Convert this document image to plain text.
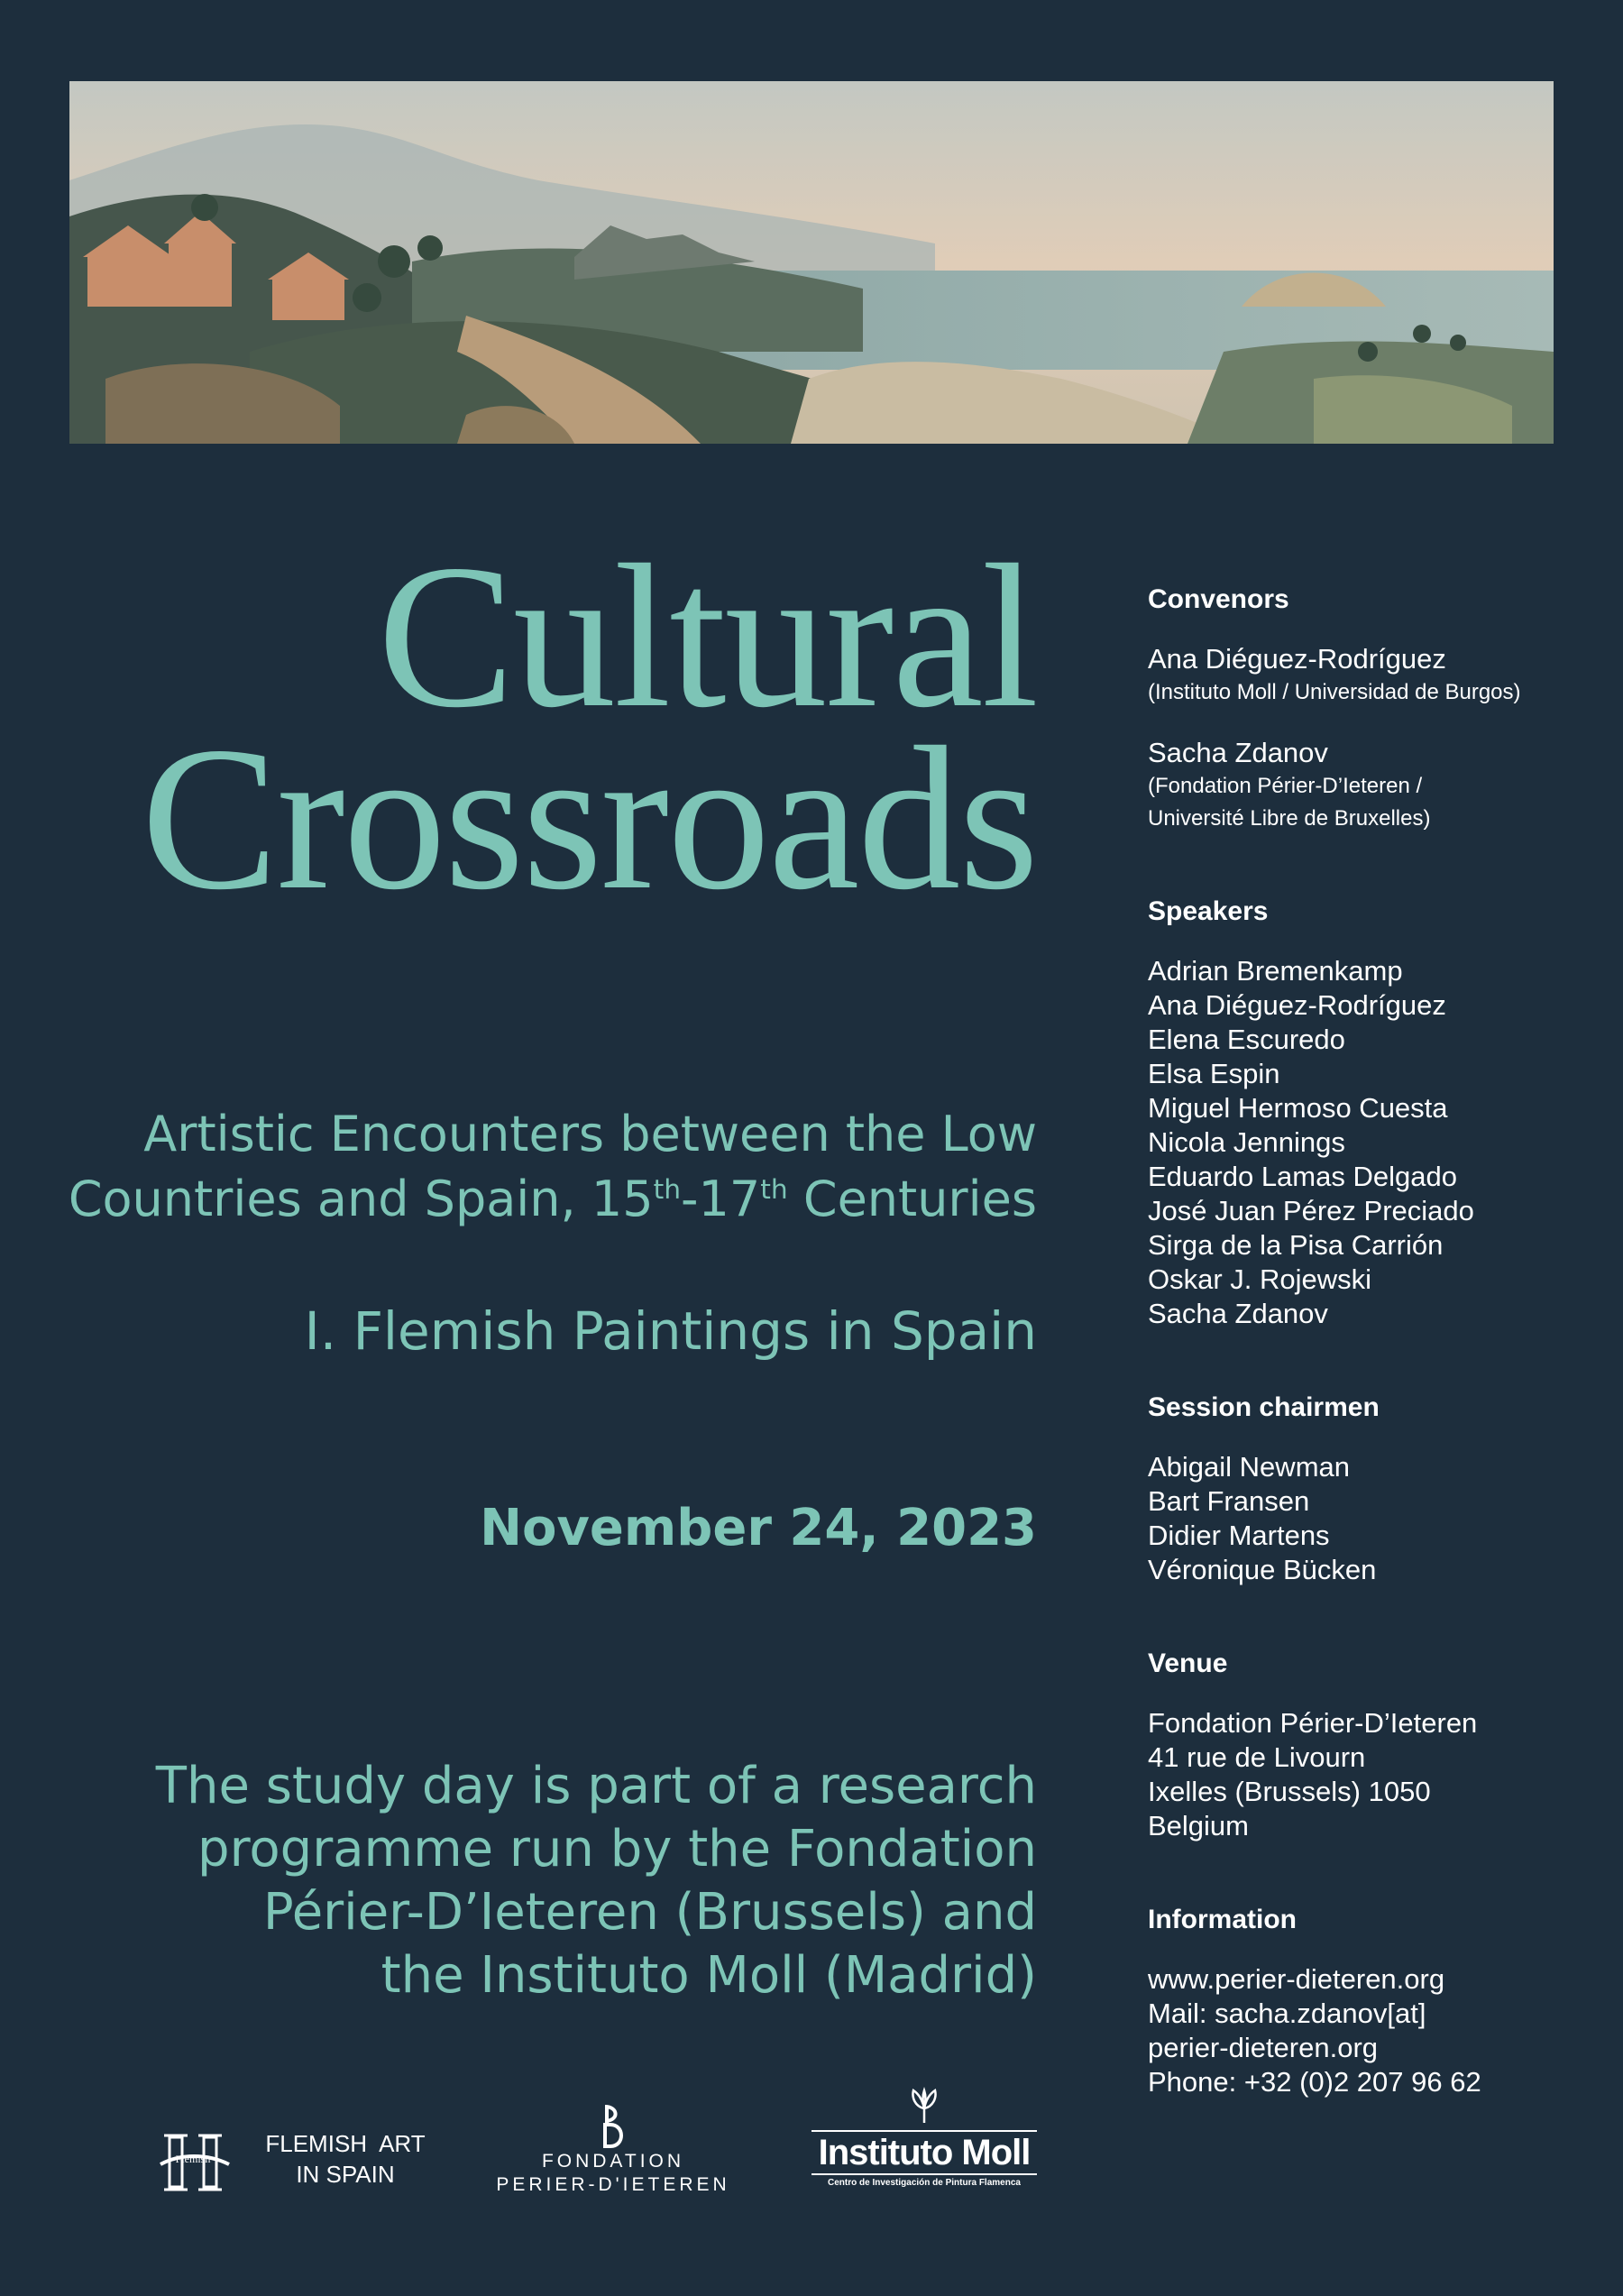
Cultural
Crossroads
Artistic Encounters between the Low
Countries and Spain, 15th-17th Centuries
I. Flemish Paintings in Spain
November 24, 2023
The study day is part of a research
programme run by the Fondation
Périer-D’Ieteren (Brussels) and
the Instituto Moll (Madrid)
Convenors
Ana Diéguez-Rodríguez
(Instituto Moll / Universidad de Burgos)
Sacha Zdanov
(Fondation Périer-D’Ieteren /
Université Libre de Bruxelles)
Speakers
Adrian Bremenkamp
Ana Diéguez-Rodríguez
Elena Escuredo
Elsa Espin
Miguel Hermoso Cuesta
Nicola Jennings
Eduardo Lamas Delgado
José Juan Pérez Preciado
Sirga de la Pisa Carrión
Oskar J. Rojewski
Sacha Zdanov
Session chairmen
Abigail Newman
Bart Fransen
Didier Martens
Véronique Bücken
Venue
Fondation Périer-D’Ieteren
41 rue de Livourn
Ixelles (Brussels) 1050
Belgium
Information
www.perier-dieteren.org
Mail: sacha.zdanov[at]
perier-dieteren.org
Phone: +32 (0)2 207 96 62
Flemish
FLEMISH  ART
IN SPAIN	FONDATION
PERIER-D'IETEREN
Instituto Moll
Centro de Investigación de Pintura Flamenca
